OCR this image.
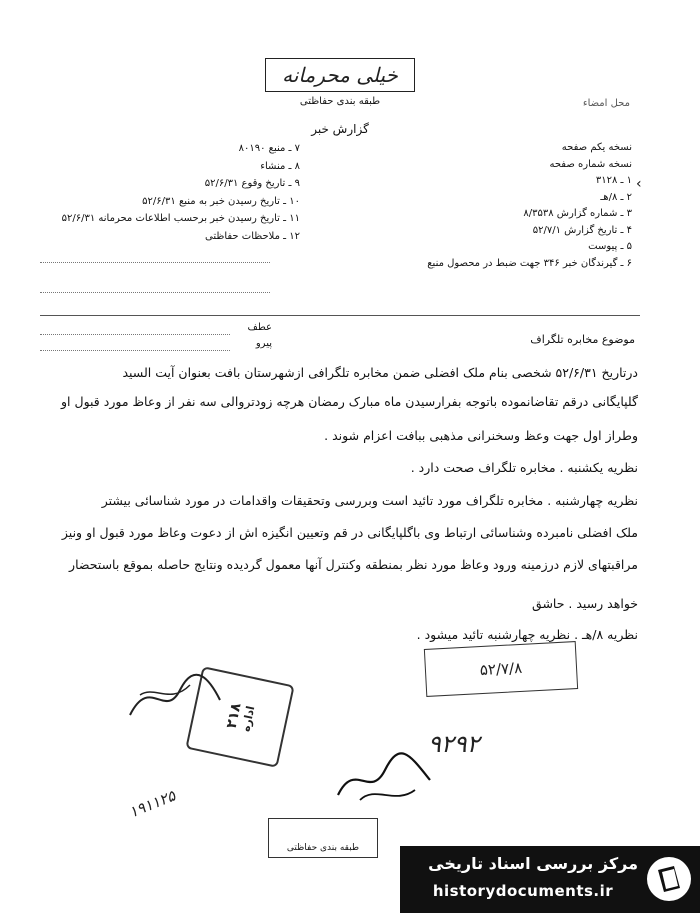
خیلی محرمانه
طبقه بندی حفاظتی
گزارش خبر
محل امضاء
۷ ـ منبع ۸۰۱۹۰
۸ ـ منشاء
۹ ـ تاریخ وقوع ۵۲/۶/۳۱
۱۰ ـ تاریخ رسیدن خبر به منبع ۵۲/۶/۳۱
۱۱ ـ تاریخ رسیدن خبر برحسب اطلاعات محرمانه ۵۲/۶/۳۱
۱۲ ـ ملاحظات حفاظتی
نسخه یکم صفحه
نسخه شماره صفحه
۱ ـ ۳۱۲۸
۲ ـ ۸/هـ
۳ ـ شماره گزارش ۸/۳۵۳۸
۴ ـ تاریخ گزارش ۵۲/۷/۱
۵ ـ پیوست
۶ ـ گیرندگان خبر ۳۴۶ جهت ضبط در محصول منبع
‹
عطف
پیرو	موضوع مخابره تلگراف
درتاریخ ۵۲/۶/۳۱ شخصی بنام ملک افضلی ضمن مخابره تلگرافی ازشهرستان بافت بعنوان آیت السید
گلپایگانی درقم تقاضانموده باتوجه بفرارسیدن ماه مبارک رمضان هرچه زودتروالی سه نفر از وعاظ مورد قبول او
وطراز اول جهت وعظ وسخنرانی مذهبی ببافت اعزام شوند .
نظریه یکشنبه . مخابره تلگراف صحت دارد .
نظریه چهارشنبه . مخابره تلگراف مورد تائید است وبررسی وتحقیقات واقدامات در مورد شناسائی بیشتر
ملک افضلی نامبرده وشناسائی ارتباط وی باگلپایگانی در قم وتعیین انگیزه اش از دعوت وعاظ مورد قبول او ونیز
مراقبتهای لازم درزمینه ورود وعاظ مورد نظر بمنطقه وکنترل آنها معمول گردیده ونتایج حاصله بموقع باستحضار
خواهد رسید . حاشق
نظریه ۸/هـ . نظریه چهارشنبه تائید میشود .
۵۲/۷/۸
۲۱۸
اداره
۹۲۹۲
۱۹۱۱۲۵
طبقه بندی حفاظتی
مرکز بررسی اسناد تاریخی
historydocuments.ir
